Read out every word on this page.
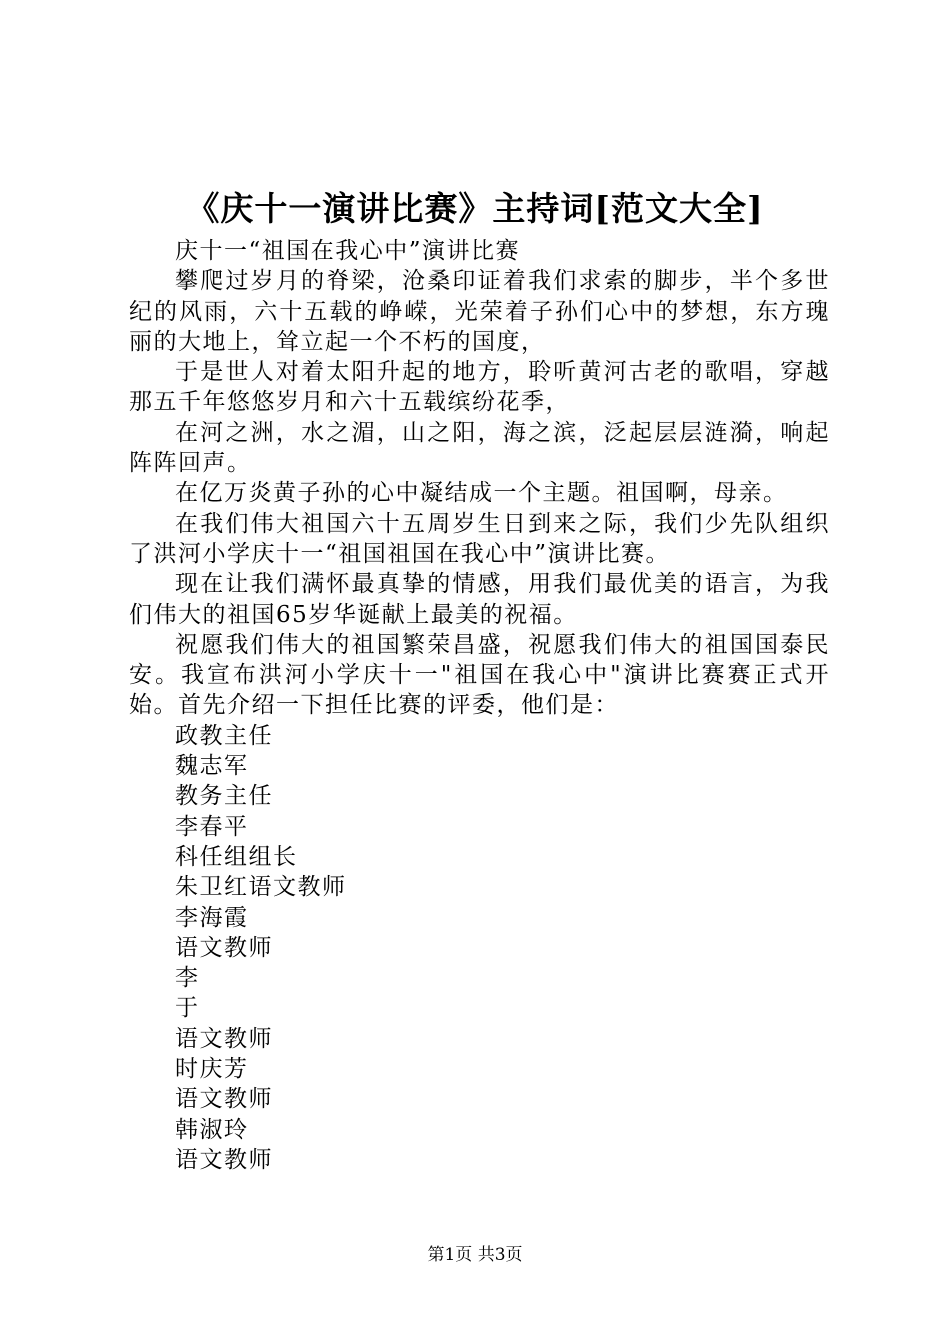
《庆十一演讲比赛》主持词[范文大全]

庆十一“祖国在我心中”演讲比赛

攀爬过岁月的脊梁，沧桑印证着我们求索的脚步，半个多世纪的风雨，六十五载的峥嵘，光荣着子孙们心中的梦想，东方瑰丽的大地上，耸立起一个不朽的国度，

于是世人对着太阳升起的地方，聆听黄河古老的歌唱，穿越那五千年悠悠岁月和六十五载缤纷花季，

在河之洲，水之湄，山之阳，海之滨，泛起层层涟漪，响起阵阵回声。

在亿万炎黄子孙的心中凝结成一个主题。祖国啊，母亲。

在我们伟大祖国六十五周岁生日到来之际，我们少先队组织了洪河小学庆十一“祖国祖国在我心中”演讲比赛。

现在让我们满怀最真挚的情感，用我们最优美的语言，为我们伟大的祖国65岁华诞献上最美的祝福。

祝愿我们伟大的祖国繁荣昌盛，祝愿我们伟大的祖国国泰民安。我宣布洪河小学庆十一"祖国在我心中"演讲比赛赛正式开始。首先介绍一下担任比赛的评委，他们是：

政教主任

魏志军

教务主任

李春平

科任组组长

朱卫红语文教师

李海霞

语文教师

李

于

语文教师

时庆芳

语文教师

韩淑玲

语文教师

第1页 共3页
